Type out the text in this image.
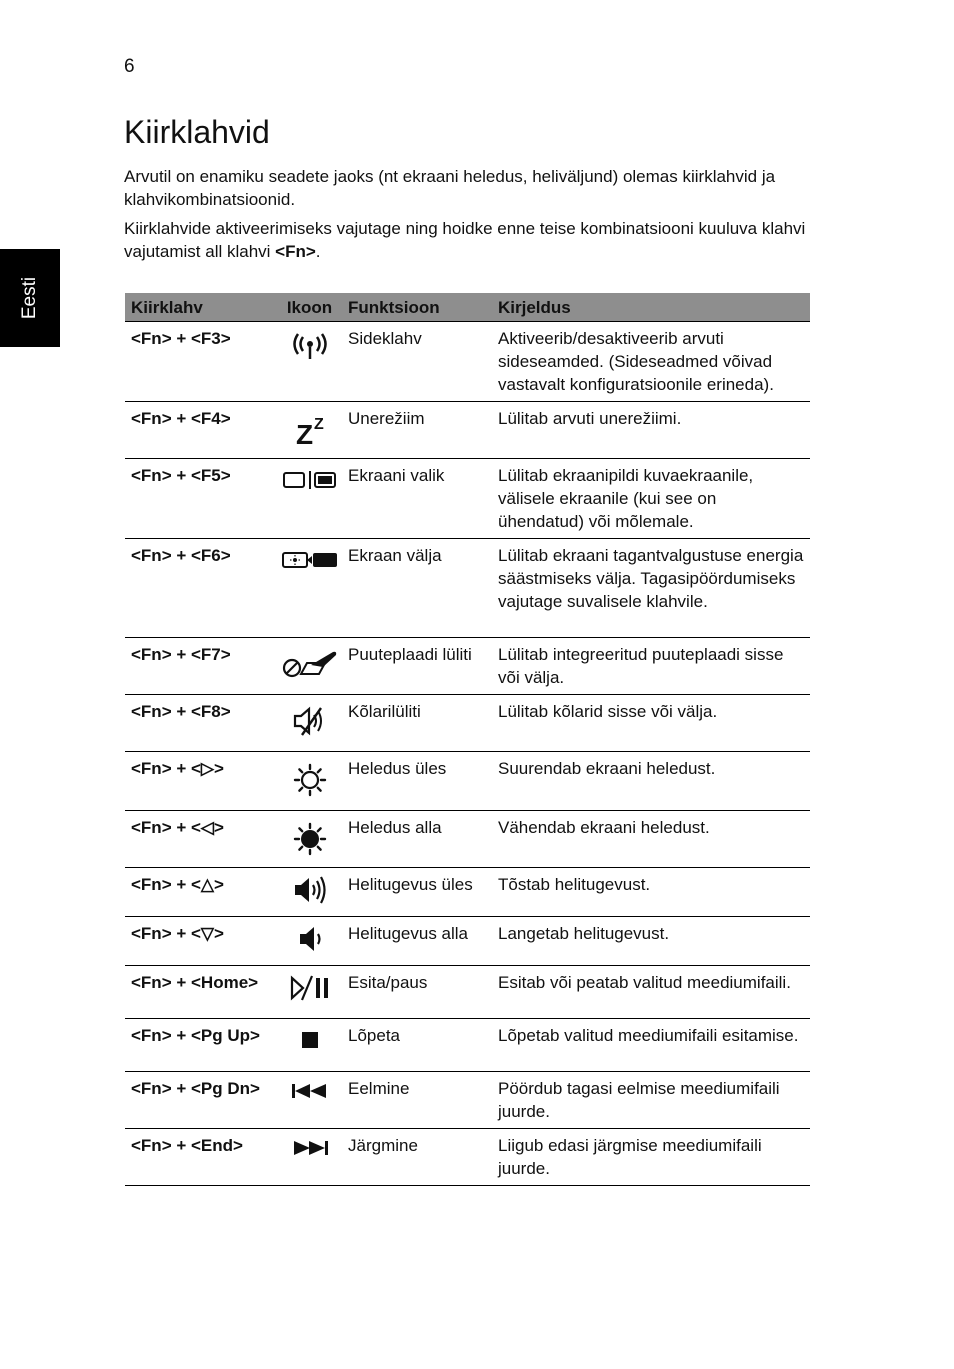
6
Eesti
Kiirklahvid

Arvutil on enamiku seadete jaoks (nt ekraani heledus, heliväljund) olemas kiirklahvid ja klahvikombinatsioonid.

Kiirklahvide aktiveerimiseks vajutage ning hoidke enne teise kombinatsiooni kuuluva klahvi vajutamist all klahvi <Fn>.

Kiirklahv	Ikoon	Funktsioon	Kirjeldus
<Fn> + <F3>		Sideklahv	Aktiveerib/desaktiveerib arvuti sideseamded. (Sideseadmed võivad vastavalt konfiguratsioonile erineda).
<Fn> + <F4>	Z Z	Unerežiim	Lülitab arvuti unerežiimi.
<Fn> + <F5>		Ekraani valik	Lülitab ekraanipildi kuvaekraanile, välisele ekraanile (kui see on ühendatud) või mõlemale.
<Fn> + <F6>		Ekraan välja	Lülitab ekraani tagantvalgustuse energia säästmiseks välja. Tagasipöördumiseks vajutage suvalisele klahvile.
<Fn> + <F7>		Puuteplaadi lüliti	Lülitab integreeritud puuteplaadi sisse või välja.
<Fn> + <F8>		Kõlarilüliti	Lülitab kõlarid sisse või välja.
<Fn> + <▷>		Heledus üles	Suurendab ekraani heledust.
<Fn> + <◁>		Heledus alla	Vähendab ekraani heledust.
<Fn> + <△>		Helitugevus üles	Tõstab helitugevust.
<Fn> + <▽>		Helitugevus alla	Langetab helitugevust.
<Fn> + <Home>		Esita/paus	Esitab või peatab valitud meediumifaili.
<Fn> + <Pg Up>		Lõpeta	Lõpetab valitud meediumifaili esitamise.
<Fn> + <Pg Dn>		Eelmine	Pöördub tagasi eelmise meediumifaili juurde.
<Fn> + <End>		Järgmine	Liigub edasi järgmise meediumifaili juurde.
